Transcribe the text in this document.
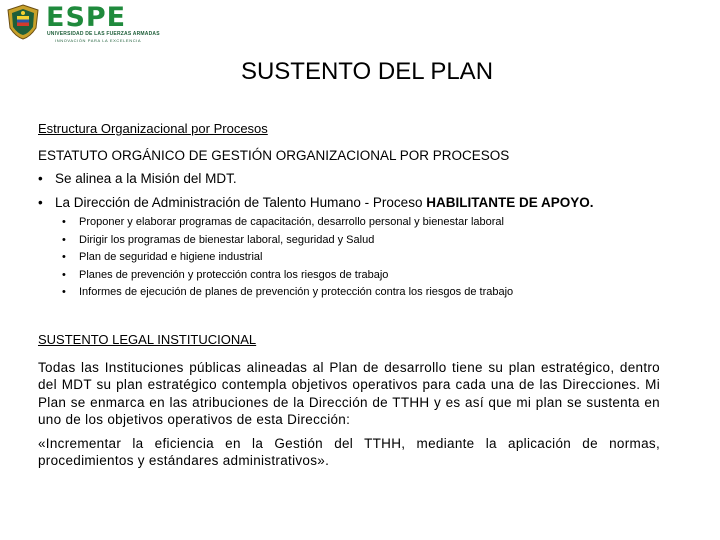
ESPE
UNIVERSIDAD DE LAS FUERZAS ARMADAS
INNOVACIÓN PARA LA EXCELENCIA
SUSTENTO DEL PLAN
Estructura Organizacional por Procesos
ESTATUTO ORGÁNICO DE GESTIÓN ORGANIZACIONAL POR PROCESOS
• Se alinea a la Misión del MDT.
• La Dirección de Administración de Talento Humano - Proceso HABILITANTE DE APOYO.
• Proponer y elaborar programas de capacitación, desarrollo personal y bienestar laboral
• Dirigir los programas de bienestar laboral, seguridad y Salud
• Plan de seguridad e higiene industrial
• Planes de prevención y protección contra los riesgos de trabajo
• Informes de ejecución de planes de prevención y protección contra los riesgos de trabajo
SUSTENTO LEGAL INSTITUCIONAL
Todas las Instituciones públicas alineadas al Plan de desarrollo tiene su plan estratégico, dentro del MDT su plan estratégico contempla objetivos operativos para cada una de las Direcciones. Mi Plan se enmarca en las atribuciones de la Dirección de TTHH y es así que mi plan se sustenta en uno de los objetivos operativos de esta Dirección:
«Incrementar la eficiencia en la Gestión del TTHH, mediante la aplicación de normas, procedimientos y estándares administrativos».
